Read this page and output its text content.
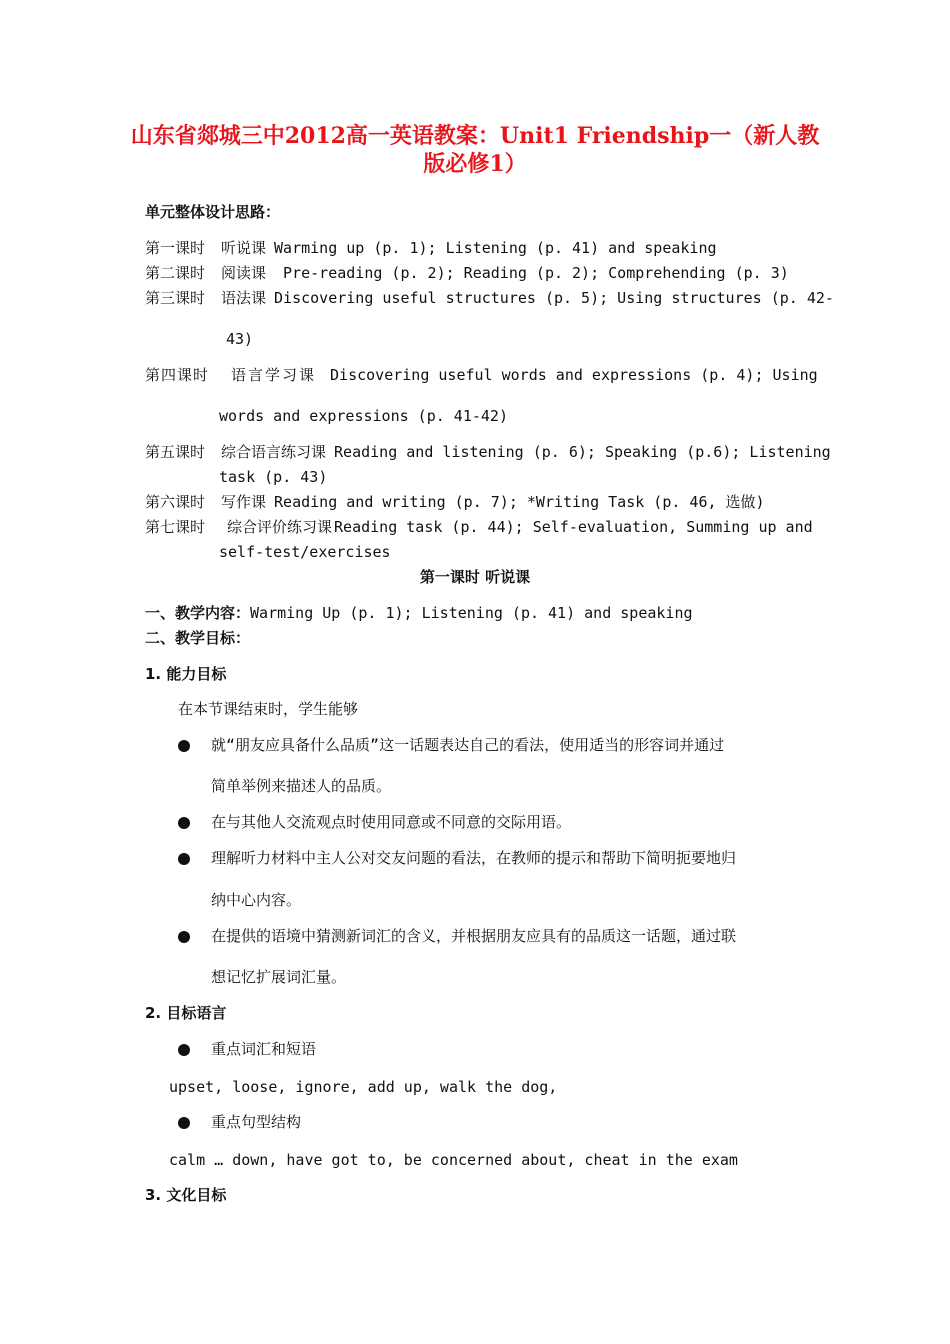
山东省郯城三中2012高一英语教案：Unit1 Friendship一（新人教
版必修1）
单元整体设计思路：
第一课时 听说课 Warming up (p. 1); Listening (p. 41) and speaking
第二课时 阅读课 Pre-reading (p. 2); Reading (p. 2); Comprehending (p. 3)
第三课时 语法课 Discovering useful structures (p. 5); Using structures (p. 42-
43)
第四课时 语言学习课 Discovering useful words and expressions (p. 4); Using
words and expressions (p. 41-42)
第五课时 综合语言练习课 Reading and listening (p. 6); Speaking (p.6); Listening
task (p. 43)
第六课时 写作课 Reading and writing (p. 7); *Writing Task (p. 46, 选做)
第七课时 综合评价练习课 Reading task (p. 44); Self-evaluation, Summing up and
self-test/exercises
第一课时 听说课
一、教学内容：Warming Up (p. 1); Listening (p. 41) and speaking
二、教学目标：
1. 能力目标
在本节课结束时，学生能够
就“朋友应具备什么品质”这一话题表达自己的看法，使用适当的形容词并通过
简单举例来描述人的品质。
在与其他人交流观点时使用同意或不同意的交际用语。
理解听力材料中主人公对交友问题的看法，在教师的提示和帮助下简明扼要地归
纳中心内容。
在提供的语境中猜测新词汇的含义，并根据朋友应具有的品质这一话题，通过联
想记忆扩展词汇量。
2. 目标语言
重点词汇和短语
upset, loose, ignore, add up, walk the dog,
重点句型结构
calm … down, have got to, be concerned about, cheat in the exam
3. 文化目标
